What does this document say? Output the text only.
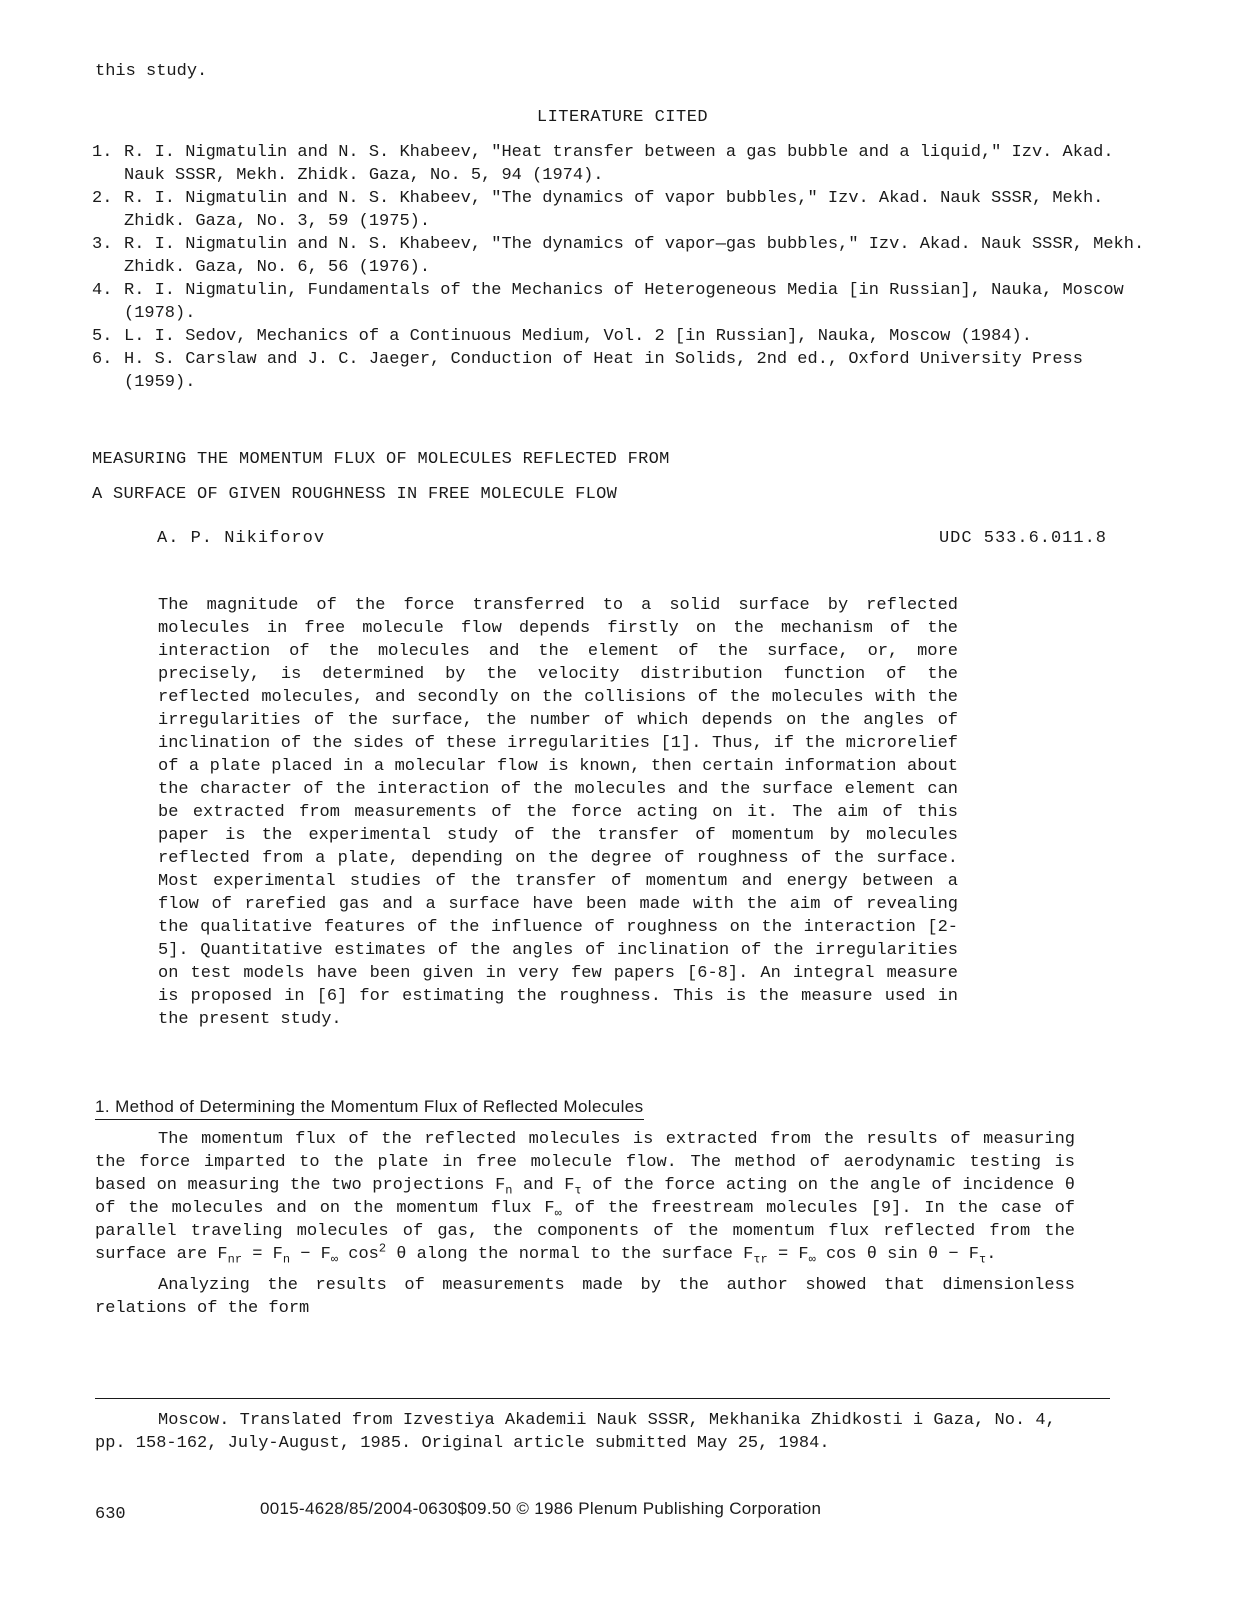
this study.
LITERATURE CITED
1. R. I. Nigmatulin and N. S. Khabeev, "Heat transfer between a gas bubble and a liquid," Izv. Akad. Nauk SSSR, Mekh. Zhidk. Gaza, No. 5, 94 (1974).
2. R. I. Nigmatulin and N. S. Khabeev, "The dynamics of vapor bubbles," Izv. Akad. Nauk SSSR, Mekh. Zhidk. Gaza, No. 3, 59 (1975).
3. R. I. Nigmatulin and N. S. Khabeev, "The dynamics of vapor—gas bubbles," Izv. Akad. Nauk SSSR, Mekh. Zhidk. Gaza, No. 6, 56 (1976).
4. R. I. Nigmatulin, Fundamentals of the Mechanics of Heterogeneous Media [in Russian], Nauka, Moscow (1978).
5. L. I. Sedov, Mechanics of a Continuous Medium, Vol. 2 [in Russian], Nauka, Moscow (1984).
6. H. S. Carslaw and J. C. Jaeger, Conduction of Heat in Solids, 2nd ed., Oxford University Press (1959).
MEASURING THE MOMENTUM FLUX OF MOLECULES REFLECTED FROM
A SURFACE OF GIVEN ROUGHNESS IN FREE MOLECULE FLOW
A. P. Nikiforov	UDC 533.6.011.8

The magnitude of the force transferred to a solid surface by reflected molecules in free molecule flow depends firstly on the mechanism of the interaction of the molecules and the element of the surface, or, more precisely, is determined by the velocity distribution function of the reflected molecules, and secondly on the collisions of the molecules with the irregularities of the surface, the number of which depends on the angles of inclination of the sides of these irregularities [1]. Thus, if the microrelief of a plate placed in a molecular flow is known, then certain information about the character of the interaction of the molecules and the surface element can be extracted from measurements of the force acting on it. The aim of this paper is the experimental study of the transfer of momentum by molecules reflected from a plate, depending on the degree of roughness of the surface. Most experimental studies of the transfer of momentum and energy between a flow of rarefied gas and a surface have been made with the aim of revealing the qualitative features of the influence of roughness on the interaction [2-5]. Quantitative estimates of the angles of inclination of the irregularities on test models have been given in very few papers [6-8]. An integral measure is proposed in [6] for estimating the roughness. This is the measure used in the present study.

1. Method of Determining the Momentum Flux of Reflected Molecules

The momentum flux of the reflected molecules is extracted from the results of measuring the force imparted to the plate in free molecule flow. The method of aerodynamic testing is based on measuring the two projections $F_n$ and $F_\tau$ of the force acting on the angle of incidence θ of the molecules and on the momentum flux $F_\infty$ of the freestream molecules [9]. In the case of parallel traveling molecules of gas, the components of the momentum flux reflected from the surface are $F_{nr} = F_n - F_\infty$ $\cos^2 \theta$ along the normal to the surface $F_{\tau r} = F_\infty$ cos θ $\sin \theta - F_\tau$.

Analyzing the results of measurements made by the author showed that dimensionless relations of the form

Moscow. Translated from Izvestiya Akademii Nauk SSSR, Mekhanika Zhidkosti i Gaza, No. 4, pp. 158-162, July-August, 1985. Original article submitted May 25, 1984.

630	0015-4628/85/2004-0630$09.50 © 1986 Plenum Publishing Corporation
